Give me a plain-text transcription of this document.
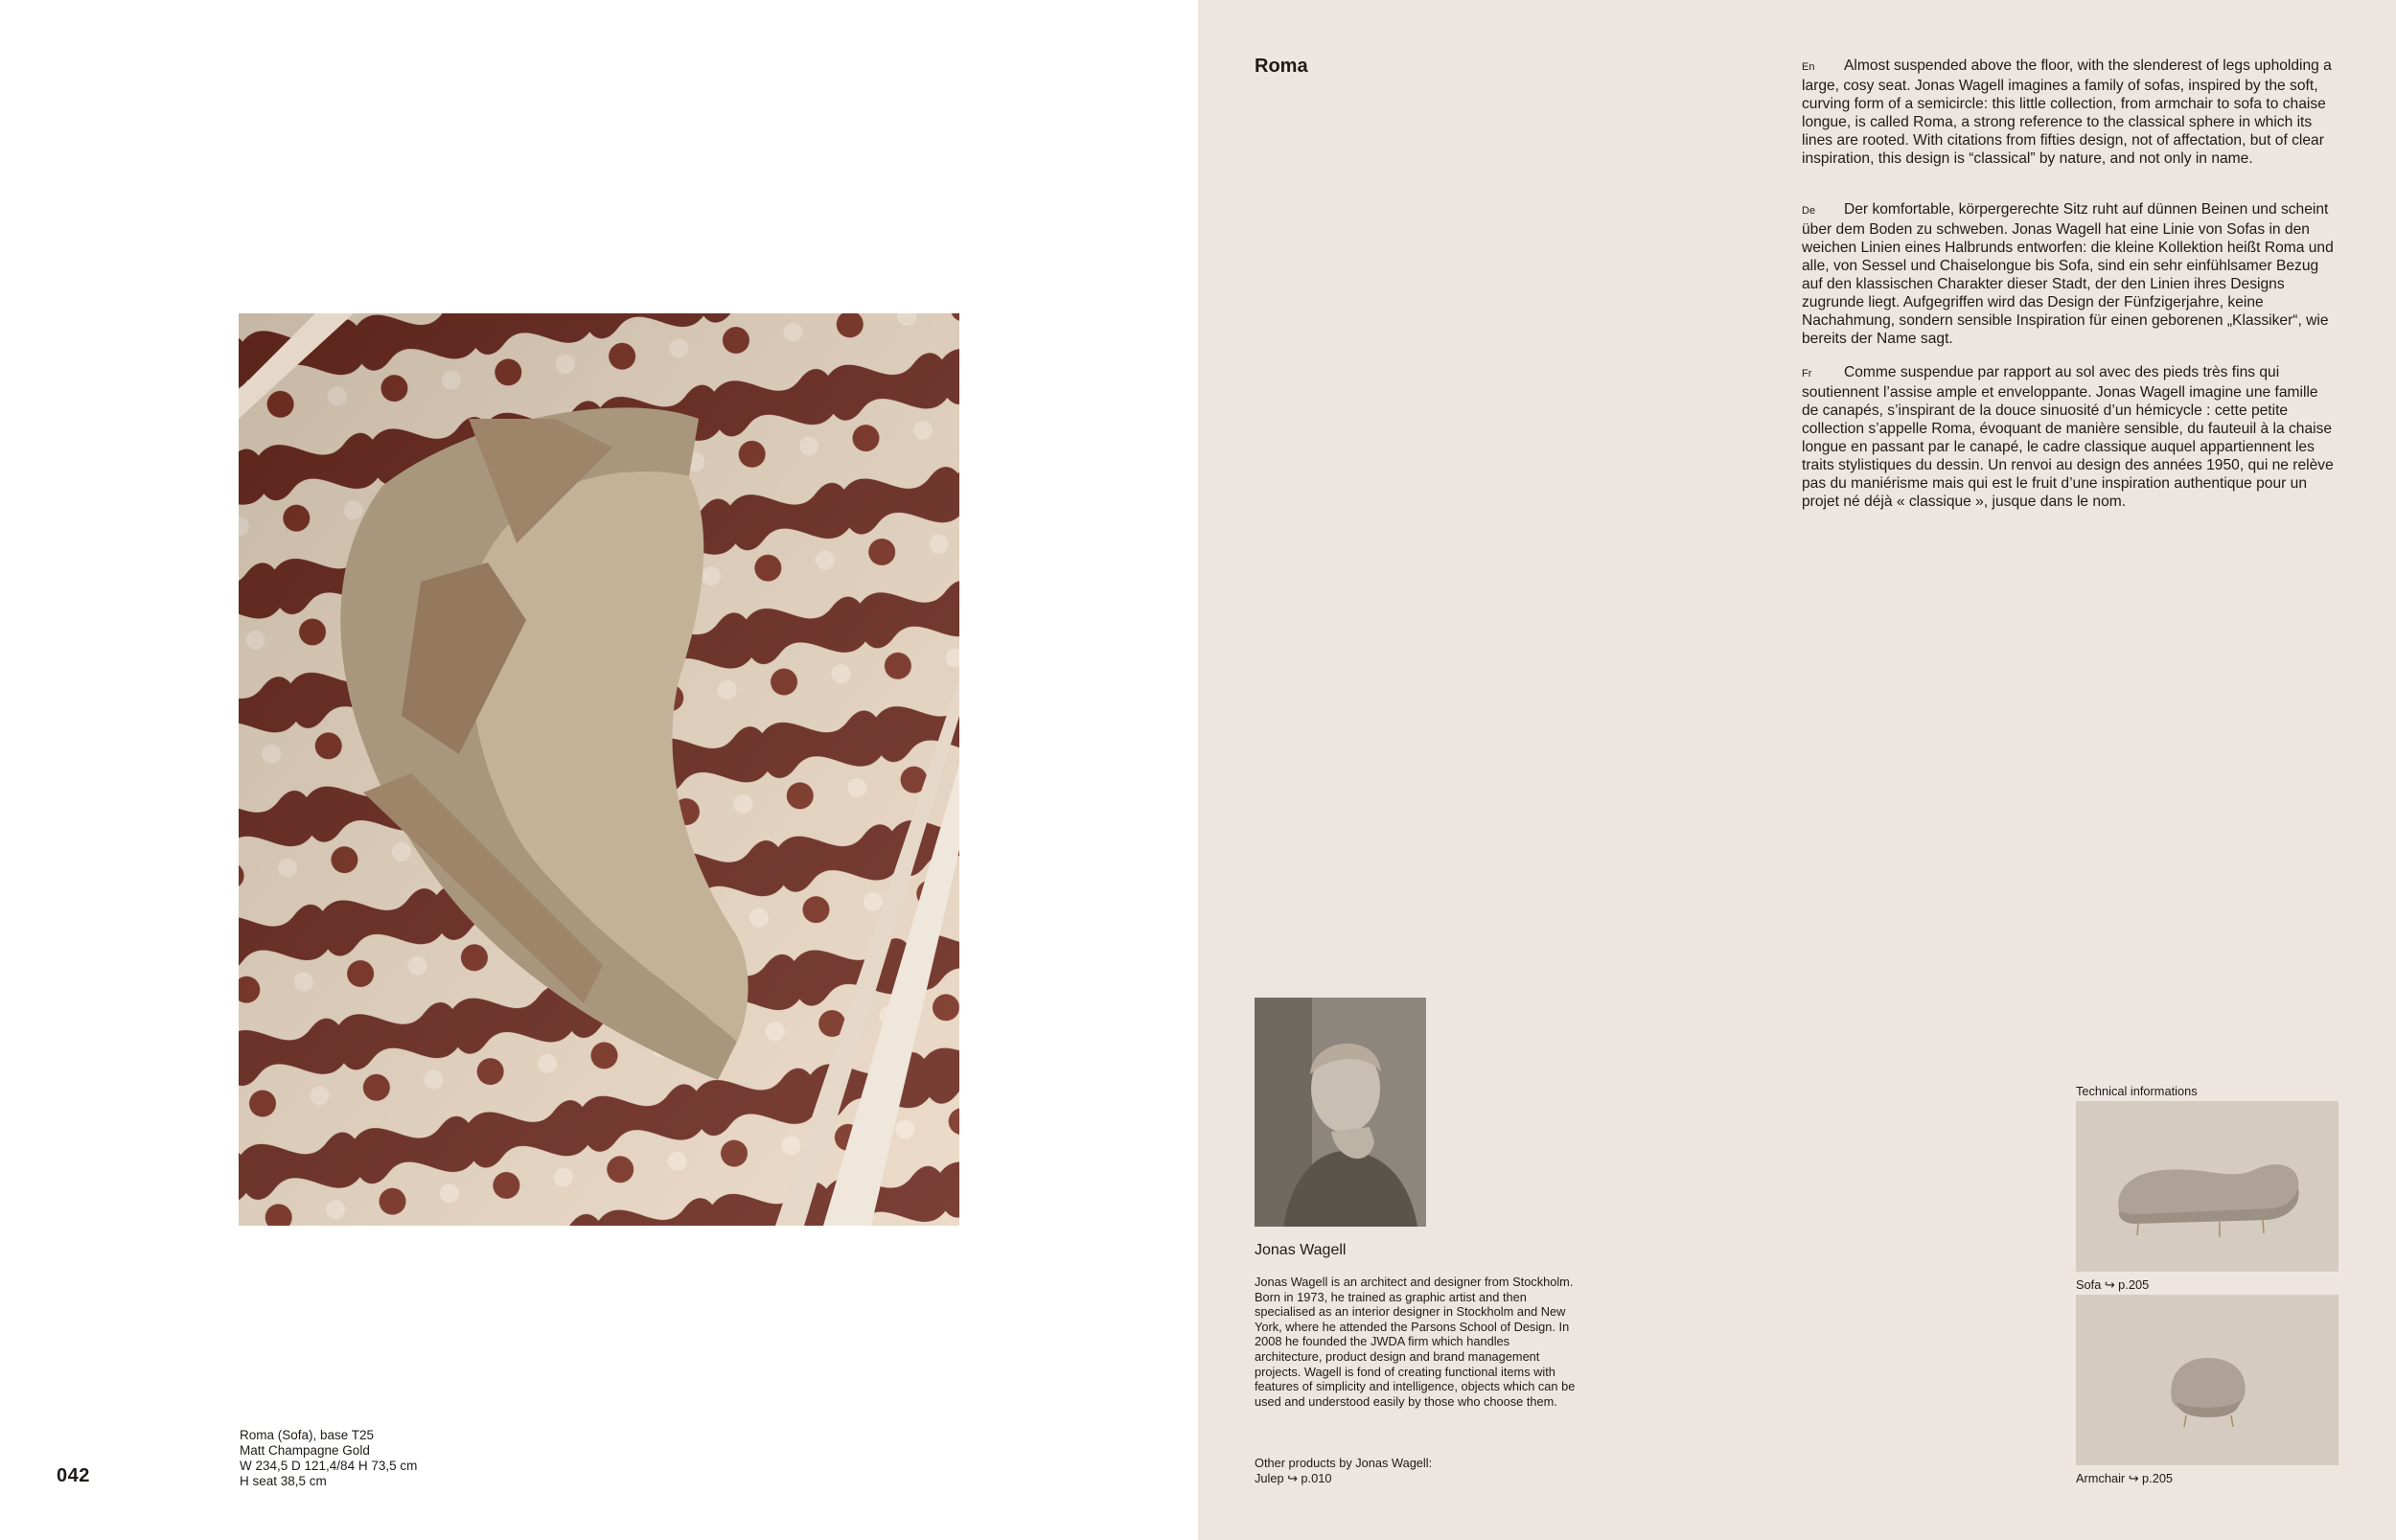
Roma (Sofa), base T25
Matt Champagne Gold
W 234,5 D 121,4/84 H 73,5 cm
H seat 38,5 cm
042
Roma	En Almost suspended above the floor, with the slenderest of legs upholding a large, cosy seat. Jonas Wagell imagines a family of sofas, inspired by the soft, curving form of a semicircle: this little collection, from armchair to sofa to chaise longue, is called Roma, a strong reference to the classical sphere in which its lines are rooted. With citations from fifties design, not of affectation, but of clear inspiration, this design is “classical” by nature, and not only in name.
De Der komfortable, körpergerechte Sitz ruht auf dünnen Beinen und scheint über dem Boden zu schweben. Jonas Wagell hat eine Linie von Sofas in den weichen Linien eines Halbrunds entworfen: die kleine Kollektion heißt Roma und alle, von Sessel und Chaiselongue bis Sofa, sind ein sehr einfühlsamer Bezug auf den klassischen Charakter dieser Stadt, der den Linien ihres Designs zugrunde liegt. Aufgegriffen wird das Design der Fünfzigerjahre, keine Nachahmung, sondern sensible Inspiration für einen geborenen „Klassiker“, wie bereits der Name sagt.
Fr Comme suspendue par rapport au sol avec des pieds très fins qui soutiennent l’assise ample et enveloppante. Jonas Wagell imagine une famille de canapés, s’inspirant de la douce sinuosité d’un hémicycle : cette petite collection s’appelle Roma, évoquant de manière sensible, du fauteuil à la chaise longue en passant par le canapé, le cadre classique auquel appartiennent les traits stylistiques du dessin. Un renvoi au design des années 1950, qui ne relève pas du maniérisme mais qui est le fruit d’une inspiration authentique pour un projet né déjà « classique », jusque dans le nom.
Jonas Wagell
Jonas Wagell is an architect and designer from Stockholm. Born in 1973, he trained as graphic artist and then specialised as an interior designer in Stockholm and New York, where he attended the Parsons School of Design. In 2008 he founded the JWDA firm which handles architecture, product design and brand management projects. Wagell is fond of creating functional items with features of simplicity and intelligence, objects which can be used and understood easily by those who choose them.
Other products by Jonas Wagell:
Julep ↪ p.010
Technical informations
Sofa ↪ p.205
Armchair ↪ p.205
